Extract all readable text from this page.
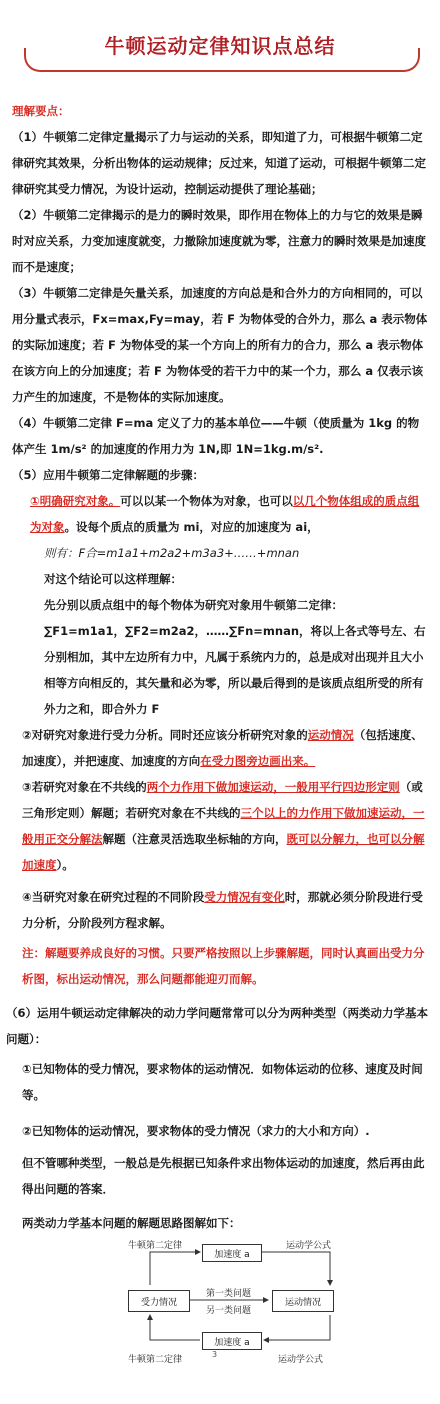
牛顿运动定律知识点总结
理解要点：
（1）牛顿第二定律定量揭示了力与运动的关系，即知道了力，可根据牛顿第二定律研究其效果，分析出物体的运动规律；反过来，知道了运动，可根据牛顿第二定律研究其受力情况，为设计运动，控制运动提供了理论基础；
（2）牛顿第二定律揭示的是力的瞬时效果，即作用在物体上的力与它的效果是瞬时对应关系，力变加速度就变，力撤除加速度就为零，注意力的瞬时效果是加速度而不是速度；
（3）牛顿第二定律是矢量关系，加速度的方向总是和合外力的方向相同的，可以用分量式表示，Fx=max,Fy=may，若 F 为物体受的合外力，那么 a 表示物体的实际加速度；若 F 为物体受的某一个方向上的所有力的合力，那么 a 表示物体在该方向上的分加速度；若 F 为物体受的若干力中的某一个力，那么 a 仅表示该力产生的加速度，不是物体的实际加速度。
（4）牛顿第二定律 F=ma 定义了力的基本单位——牛顿（使质量为 1kg 的物体产生 1m/s² 的加速度的作用力为 1N,即 1N=1kg.m/s².
（5）应用牛顿第二定律解题的步骤：
①明确研究对象。可以以某一个物体为对象，也可以以几个物体组成的质点组为对象。设每个质点的质量为 mi，对应的加速度为 ai，
则有：F合=m1a1+m2a2+m3a3+……+mnan
对这个结论可以这样理解：
先分别以质点组中的每个物体为研究对象用牛顿第二定律：
∑F1=m1a1，∑F2=m2a2，……∑Fn=mnan，将以上各式等号左、右分别相加，其中左边所有力中，凡属于系统内力的，总是成对出现并且大小相等方向相反的，其矢量和必为零，所以最后得到的是该质点组所受的所有外力之和，即合外力 F
②对研究对象进行受力分析。同时还应该分析研究对象的运动情况（包括速度、加速度），并把速度、加速度的方向在受力图旁边画出来。
③若研究对象在不共线的两个力作用下做加速运动，一般用平行四边形定则（或三角形定则）解题；若研究对象在不共线的三个以上的力作用下做加速运动，一般用正交分解法解题（注意灵活选取坐标轴的方向，既可以分解力，也可以分解加速度）。
④当研究对象在研究过程的不同阶段受力情况有变化时，那就必须分阶段进行受力分析，分阶段列方程求解。
注：解题要养成良好的习惯。只要严格按照以上步骤解题，同时认真画出受力分析图，标出运动情况，那么问题都能迎刃而解。
（6）运用牛顿运动定律解决的动力学问题常常可以分为两种类型（两类动力学基本问题）：
①已知物体的受力情况，要求物体的运动情况．如物体运动的位移、速度及时间等。
②已知物体的运动情况，要求物体的受力情况（求力的大小和方向）.
但不管哪种类型，一般总是先根据已知条件求出物体运动的加速度，然后再由此得出问题的答案．
两类动力学基本问题的解题思路图解如下：
牛顿第二定律
加速度 a
运动学公式
受力情况
第一类问题
另一类问题
运动情况
加速度 a
牛顿第二定律	运动学公式
3
